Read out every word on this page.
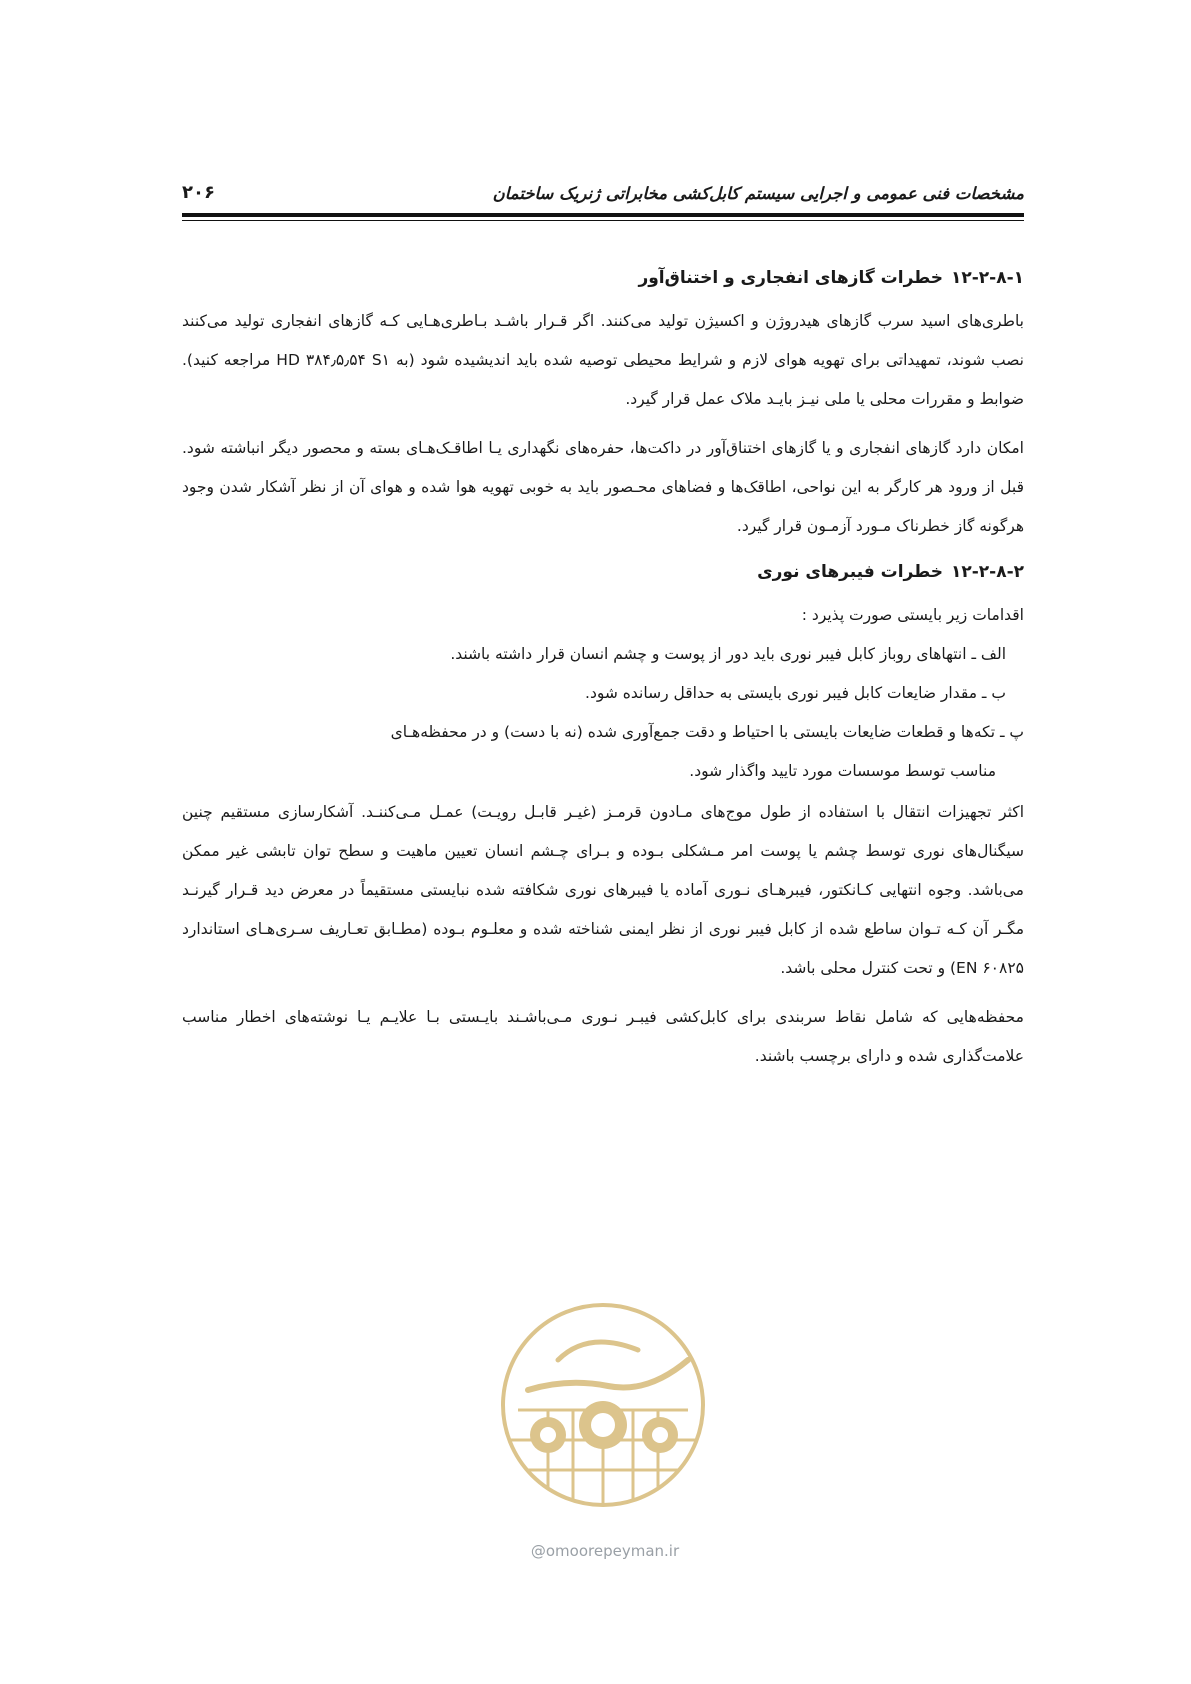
مشخصات فنی عمومی و اجرایی سیستم کابل‌کشی مخابراتی ژنریک ساختمان
۲۰۶
۱۲-۲-۸-۱خطرات گازهای انفجاری و اختناق‌آور

باطری‌های اسید سرب گازهای هیدروژن و اکسیژن تولید می‌کنند. اگر قـرار باشـد بـاطری‌هـایی کـه گازهای انفجاری تولید می‌کنند نصب شوند، تمهیداتی برای تهویه هوای لازم و شرایط محیطی توصیه شده باید اندیشیده شود (به HD ۳۸۴٫۵٫۵۴ S۱ مراجعه کنید). ضوابط و مقررات محلی یا ملی نیـز بایـد ملاک عمل قرار گیرد.

امکان دارد گازهای انفجاری و یا گازهای اختناق‌آور در داکت‌ها، حفره‌های نگهداری یـا اطاقـک‌هـای بسته و محصور دیگر انباشته شود. قبل از ورود هر کارگر به این نواحی، اطاقک‌ها و فضاهای محـصور باید به خوبی تهویه هوا شده و هوای آن از نظر آشکار شدن وجود هرگونه گاز خطرناک مـورد آزمـون قرار گیرد.

۱۲-۲-۸-۲خطرات فیبرهای نوری

اقدامات زیر بایستی صورت پذیرد :

الف ـ انتهاهای روباز کابل فیبر نوری باید دور از پوست و چشم انسان قرار داشته باشند.

ب ـ مقدار ضایعات کابل فیبر نوری بایستی به حداقل رسانده شود.

پ ـ تکه‌ها و قطعات ضایعات بایستی با احتیاط و دقت جمع‌آوری شده (نه با دست) و در محفظه‌هـای

مناسب توسط موسسات مورد تایید واگذار شود.

اکثر تجهیزات انتقال با استفاده از طول موج‌های مـادون قرمـز (غیـر قابـل رویـت) عمـل مـی‌کننـد. آشکارسازی مستقیم چنین سیگنال‌های نوری توسط چشم یا پوست امر مـشکلی بـوده و بـرای چـشم انسان تعیین ماهیت و سطح توان تابشی غیر ممکن می‌باشد. وجوه انتهایی کـانکتور، فیبرهـای نـوری آماده یا فیبرهای نوری شکافته شده نبایستی مستقیماً در معرض دید قـرار گیرنـد مگـر آن کـه تـوان ساطع شده از کابل فیبر نوری از نظر ایمنی شناخته شده و معلـوم بـوده (مطـابق تعـاریف سـری‌هـای استاندارد EN ۶۰۸۲۵) و تحت کنترل محلی باشد.

محفظه‌هایی که شامل نقاط سربندی برای کابل‌کشی فیبـر نـوری مـی‌باشـند بایـستی بـا علایـم یـا نوشته‌های اخطار مناسب علامت‌گذاری شده و دارای برچسب باشند.

@omoorepeyman.ir
